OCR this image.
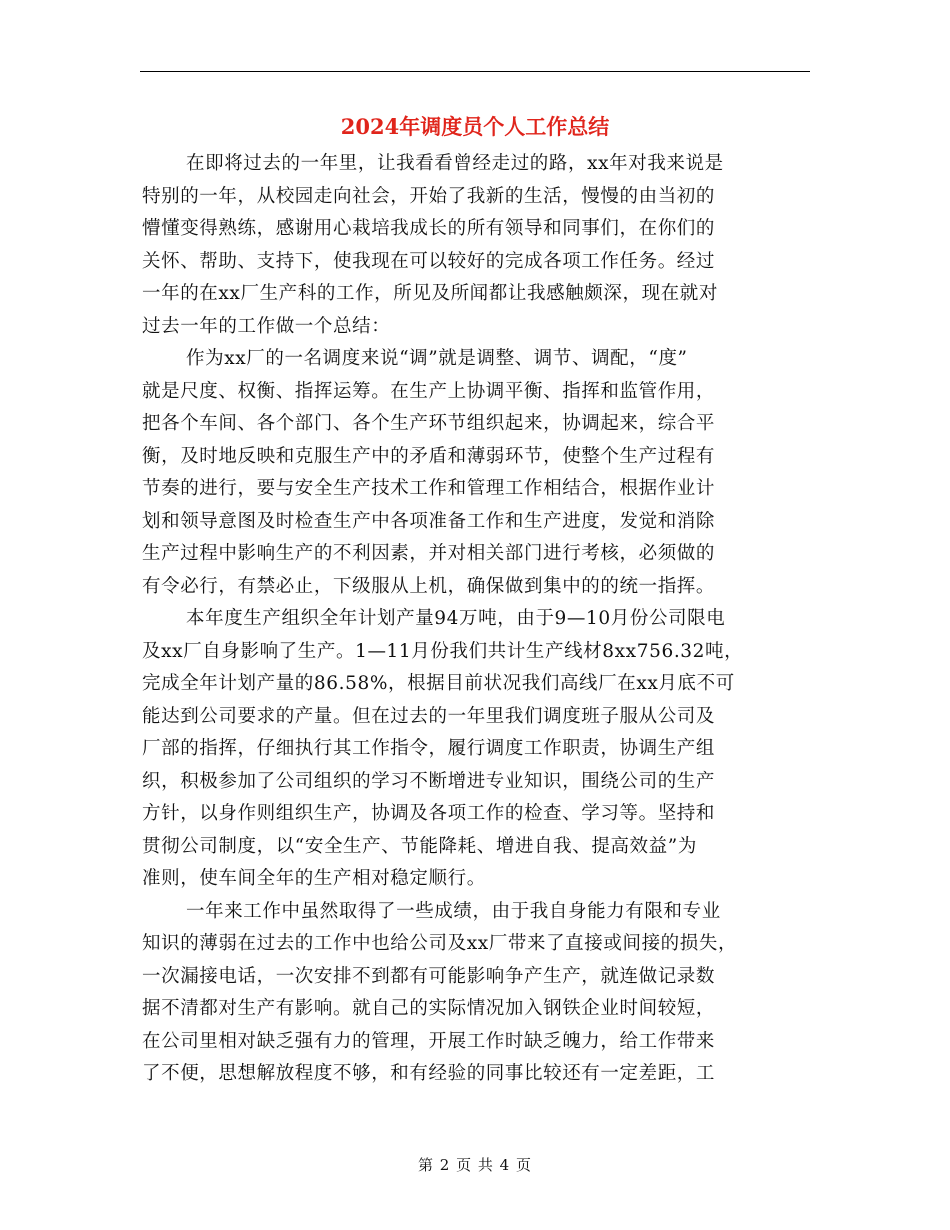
2024年调度员个人工作总结
在即将过去的一年里，让我看看曾经走过的路，xx年对我来说是
特别的一年，从校园走向社会，开始了我新的生活，慢慢的由当初的
懵懂变得熟练，感谢用心栽培我成长的所有领导和同事们，在你们的
关怀、帮助、支持下，使我现在可以较好的完成各项工作任务。经过
一年的在xx厂生产科的工作，所见及所闻都让我感触颇深，现在就对
过去一年的工作做一个总结：
作为xx厂的一名调度来说“调”就是调整、调节、调配，“度”
就是尺度、权衡、指挥运筹。在生产上协调平衡、指挥和监管作用，
把各个车间、各个部门、各个生产环节组织起来，协调起来，综合平
衡，及时地反映和克服生产中的矛盾和薄弱环节，使整个生产过程有
节奏的进行，要与安全生产技术工作和管理工作相结合，根据作业计
划和领导意图及时检查生产中各项准备工作和生产进度，发觉和消除
生产过程中影响生产的不利因素，并对相关部门进行考核，必须做的
有令必行，有禁必止，下级服从上机，确保做到集中的的统一指挥。
本年度生产组织全年计划产量94万吨，由于9—10月份公司限电
及xx厂自身影响了生产。1—11月份我们共计生产线材8xx756.32吨，
完成全年计划产量的86.58%，根据目前状况我们高线厂在xx月底不可
能达到公司要求的产量。但在过去的一年里我们调度班子服从公司及
厂部的指挥，仔细执行其工作指令，履行调度工作职责，协调生产组
织，积极参加了公司组织的学习不断增进专业知识，围绕公司的生产
方针，以身作则组织生产，协调及各项工作的检查、学习等。坚持和
贯彻公司制度，以“安全生产、节能降耗、增进自我、提高效益”为
准则，使车间全年的生产相对稳定顺行。
一年来工作中虽然取得了一些成绩，由于我自身能力有限和专业
知识的薄弱在过去的工作中也给公司及xx厂带来了直接或间接的损失，
一次漏接电话，一次安排不到都有可能影响争产生产，就连做记录数
据不清都对生产有影响。就自己的实际情况加入钢铁企业时间较短，
在公司里相对缺乏强有力的管理，开展工作时缺乏魄力，给工作带来
了不便，思想解放程度不够，和有经验的同事比较还有一定差距，工
第 2 页 共 4 页
